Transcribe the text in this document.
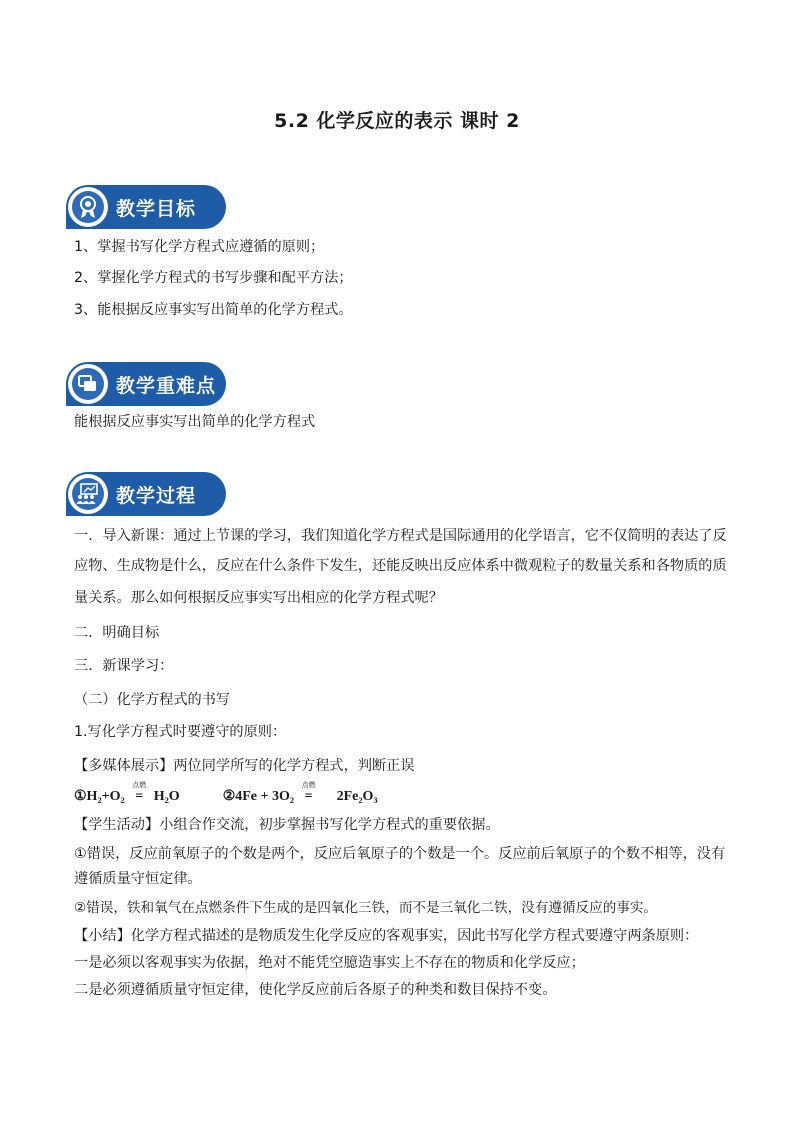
5.2 化学反应的表示 课时 2
教学目标
1、掌握书写化学方程式应遵循的原则；
2、掌握化学方程式的书写步骤和配平方法；
3、能根据反应事实写出简单的化学方程式。
教学重难点
能根据反应事实写出简单的化学方程式
教学过程
一．导入新课：通过上节课的学习，我们知道化学方程式是国际通用的化学语言，它不仅简明的表达了反
应物、生成物是什么，反应在什么条件下发生，还能反映出反应体系中微观粒子的数量关系和各物质的质
量关系。那么如何根据反应事实写出相应的化学方程式呢？
二．明确目标
三．新课学习：
（二）化学方程式的书写
1.写化学方程式时要遵守的原则：
【多媒体展示】两位同学所写的化学方程式，判断正误
①H₂+O₂
点燃
= H₂O	②4Fe + 3O₂
点燃
= 2Fe₂O₃
【学生活动】小组合作交流，初步掌握书写化学方程式的重要依据。
①错误，反应前氧原子的个数是两个，反应后氧原子的个数是一个。反应前后氧原子的个数不相等，没有
遵循质量守恒定律。
②错误，铁和氧气在点燃条件下生成的是四氧化三铁，而不是三氧化二铁，没有遵循反应的事实。
【小结】化学方程式描述的是物质发生化学反应的客观事实，因此书写化学方程式要遵守两条原则：
一是必须以客观事实为依据，绝对不能凭空臆造事实上不存在的物质和化学反应；
二是必须遵循质量守恒定律，使化学反应前后各原子的种类和数目保持不变。
